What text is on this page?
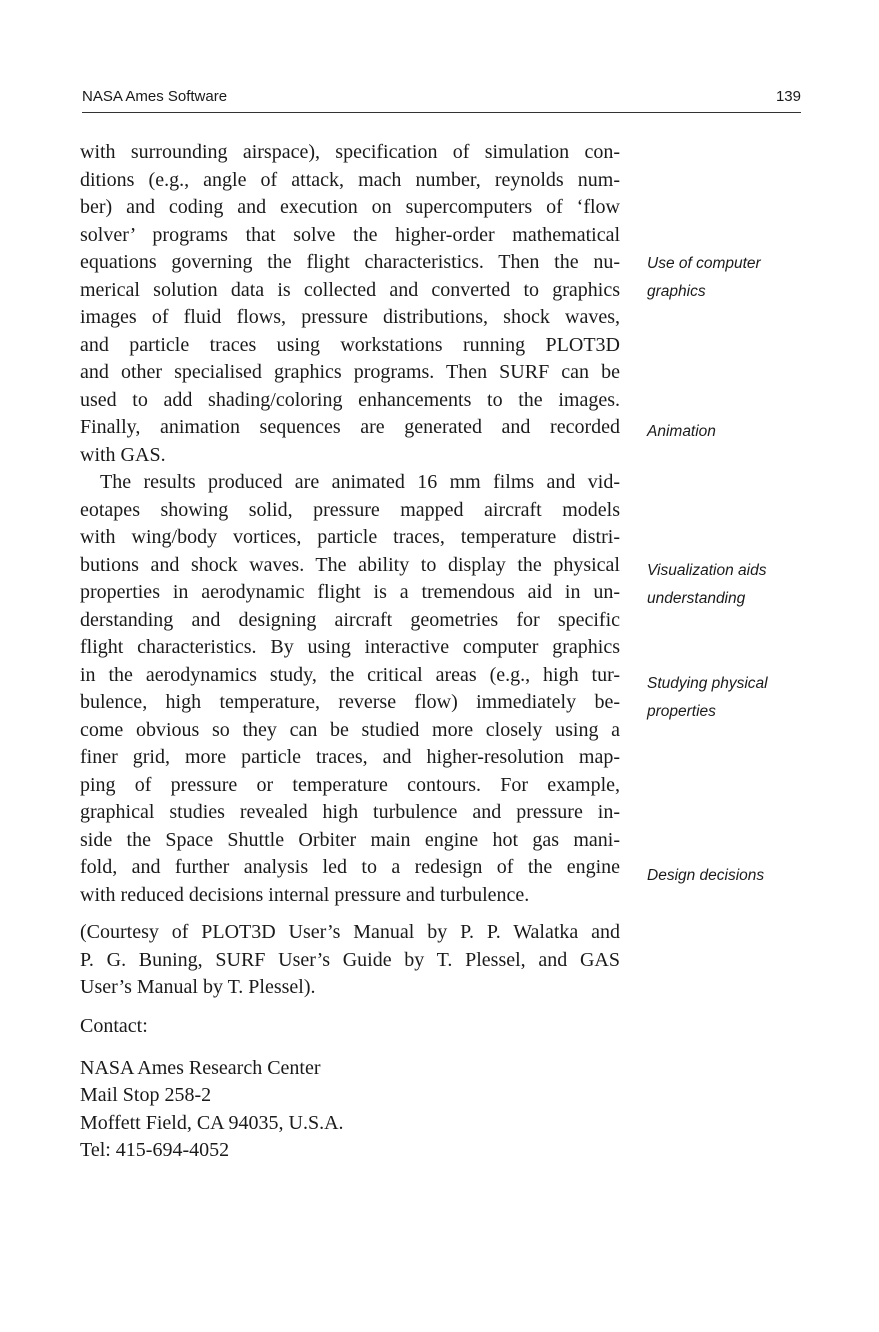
NASA Ames Software	139
with surrounding airspace), specification of simulation con-
ditions (e.g., angle of attack, mach number, reynolds num-
ber) and coding and execution on supercomputers of ‘flow
solver’ programs that solve the higher-order mathematical
equations governing the flight characteristics. Then the nu-
merical solution data is collected and converted to graphics
images of fluid flows, pressure distributions, shock waves,
and particle traces using workstations running PLOT3D
and other specialised graphics programs. Then SURF can be
used to add shading/coloring enhancements to the images.
Finally, animation sequences are generated and recorded
with GAS.
The results produced are animated 16 mm films and vid-
eotapes showing solid, pressure mapped aircraft models
with wing/body vortices, particle traces, temperature distri-
butions and shock waves. The ability to display the physical
properties in aerodynamic flight is a tremendous aid in un-
derstanding and designing aircraft geometries for specific
flight characteristics. By using interactive computer graphics
in the aerodynamics study, the critical areas (e.g., high tur-
bulence, high temperature, reverse flow) immediately be-
come obvious so they can be studied more closely using a
finer grid, more particle traces, and higher-resolution map-
ping of pressure or temperature contours. For example,
graphical studies revealed high turbulence and pressure in-
side the Space Shuttle Orbiter main engine hot gas mani-
fold, and further analysis led to a redesign of the engine
with reduced decisions internal pressure and turbulence.
(Courtesy of PLOT3D User’s Manual by P. P. Walatka and
P. G. Buning, SURF User’s Guide by T. Plessel, and GAS
User’s Manual by T. Plessel).
Contact:
NASA Ames Research Center
Mail Stop 258-2
Moffett Field, CA 94035, U.S.A.
Tel: 415-694-4052
Use of computer
graphics
Animation
Visualization aids
understanding
Studying physical
properties
Design decisions
